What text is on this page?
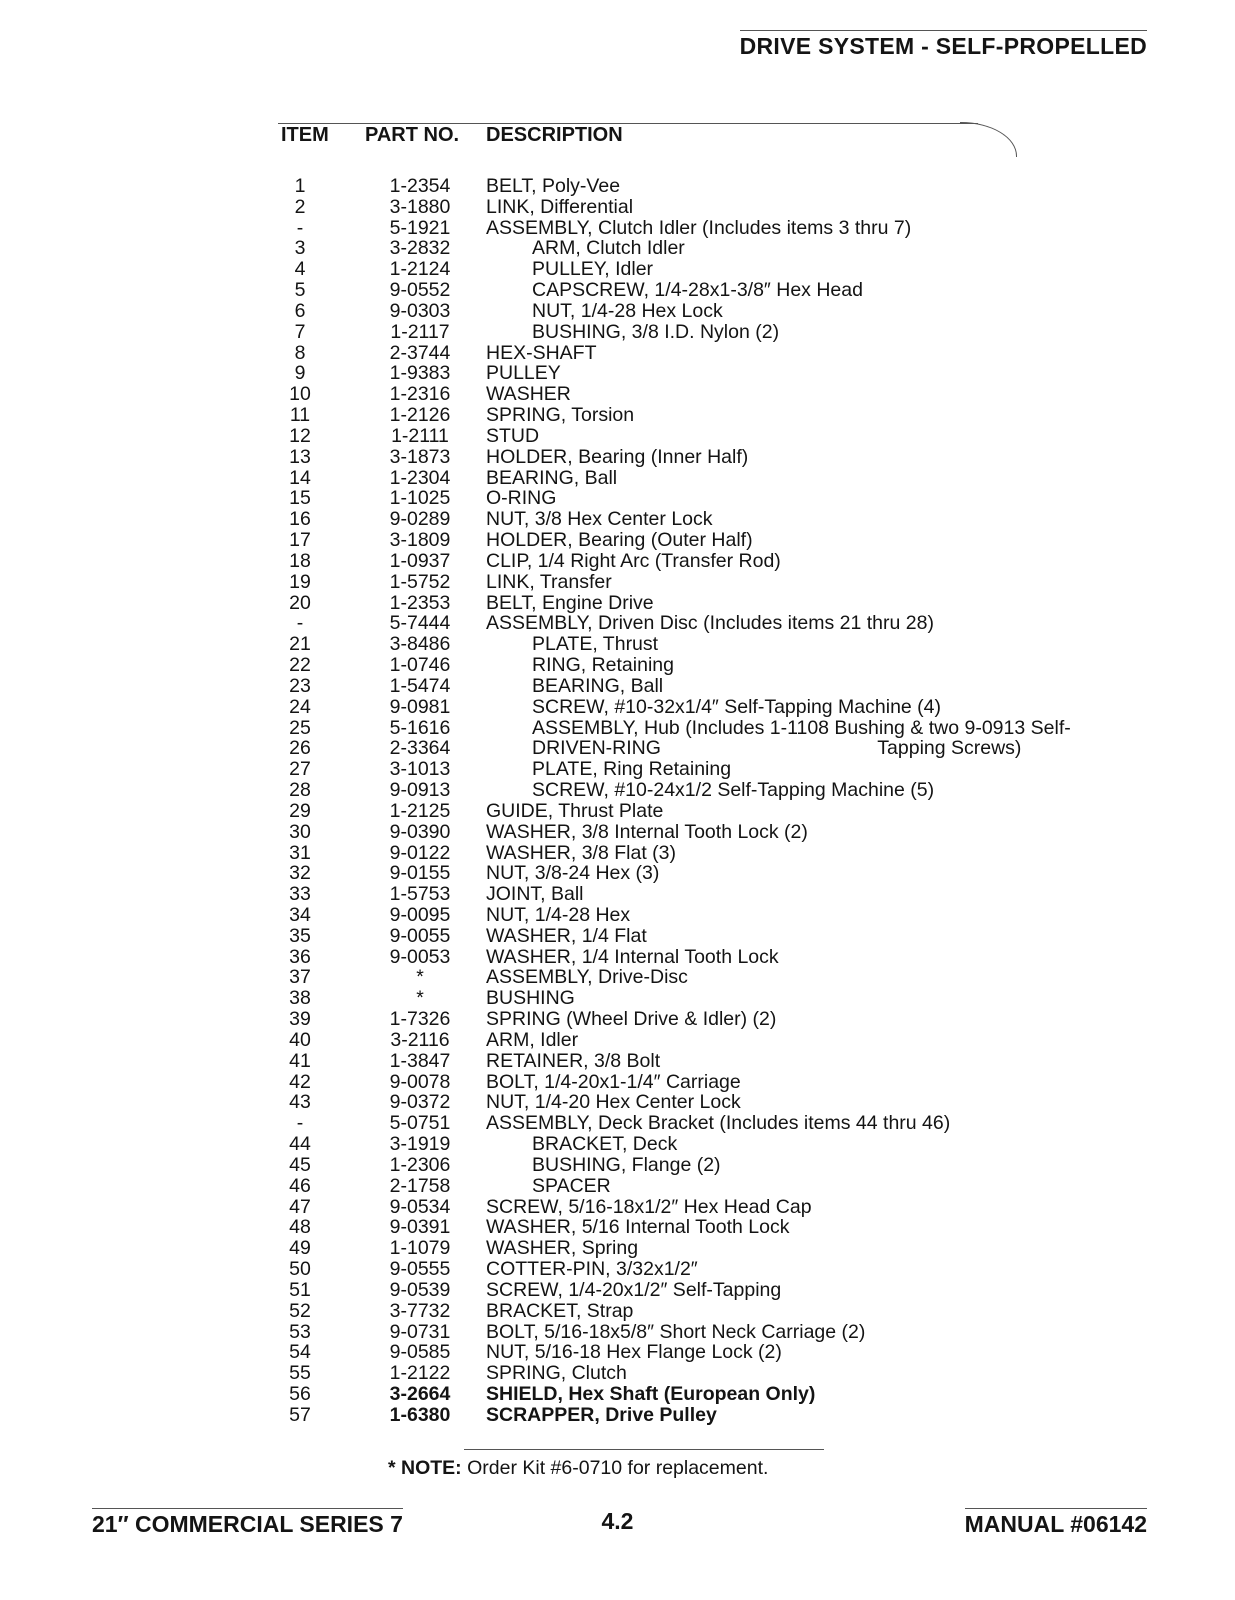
DRIVE SYSTEM - SELF-PROPELLED
ITEM PART NO. DESCRIPTION
1	1-2354	BELT, Poly-Vee
2	3-1880	LINK, Differential
-	5-1921	ASSEMBLY, Clutch Idler (Includes items 3 thru 7)
3	3-2832	ARM, Clutch Idler
4	1-2124	PULLEY, Idler
5	9-0552	CAPSCREW, 1/4-28x1-3/8″ Hex Head
6	9-0303	NUT, 1/4-28 Hex Lock
7	1-2117	BUSHING, 3/8 I.D. Nylon (2)
8	2-3744	HEX-SHAFT
9	1-9383	PULLEY
10	1-2316	WASHER
11	1-2126	SPRING, Torsion
12	1-2111	STUD
13	3-1873	HOLDER, Bearing (Inner Half)
14	1-2304	BEARING, Ball
15	1-1025	O-RING
16	9-0289	NUT, 3/8 Hex Center Lock
17	3-1809	HOLDER, Bearing (Outer Half)
18	1-0937	CLIP, 1/4 Right Arc (Transfer Rod)
19	1-5752	LINK, Transfer
20	1-2353	BELT, Engine Drive
-	5-7444	ASSEMBLY, Driven Disc (Includes items 21 thru 28)
21	3-8486	PLATE, Thrust
22	1-0746	RING, Retaining
23	1-5474	BEARING, Ball
24	9-0981	SCREW, #10-32x1/4″ Self-Tapping Machine (4)
25	5-1616	ASSEMBLY, Hub (Includes 1-1108 Bushing & two 9-0913 Self-
26	2-3364	DRIVEN-RING                                        Tapping Screws)
27	3-1013	PLATE, Ring Retaining
28	9-0913	SCREW, #10-24x1/2 Self-Tapping Machine (5)
29	1-2125	GUIDE, Thrust Plate
30	9-0390	WASHER, 3/8 Internal Tooth Lock (2)
31	9-0122	WASHER, 3/8 Flat (3)
32	9-0155	NUT, 3/8-24 Hex (3)
33	1-5753	JOINT, Ball
34	9-0095	NUT, 1/4-28 Hex
35	9-0055	WASHER, 1/4 Flat
36	9-0053	WASHER, 1/4 Internal Tooth Lock
37	*	ASSEMBLY, Drive-Disc
38	*	BUSHING
39	1-7326	SPRING (Wheel Drive & Idler) (2)
40	3-2116	ARM, Idler
41	1-3847	RETAINER, 3/8 Bolt
42	9-0078	BOLT, 1/4-20x1-1/4″ Carriage
43	9-0372	NUT, 1/4-20 Hex Center Lock
-	5-0751	ASSEMBLY, Deck Bracket (Includes items 44 thru 46)
44	3-1919	BRACKET, Deck
45	1-2306	BUSHING, Flange (2)
46	2-1758	SPACER
47	9-0534	SCREW, 5/16-18x1/2″ Hex Head Cap
48	9-0391	WASHER, 5/16 Internal Tooth Lock
49	1-1079	WASHER, Spring
50	9-0555	COTTER-PIN, 3/32x1/2″
51	9-0539	SCREW, 1/4-20x1/2″ Self-Tapping
52	3-7732	BRACKET, Strap
53	9-0731	BOLT, 5/16-18x5/8″ Short Neck Carriage (2)
54	9-0585	NUT, 5/16-18 Hex Flange Lock (2)
55	1-2122	SPRING, Clutch
56	3-2664	SHIELD, Hex Shaft (European Only)
57	1-6380	SCRAPPER, Drive Pulley
* NOTE: Order Kit #6-0710 for replacement.
21″ COMMERCIAL SERIES 7	4.2	MANUAL #06142
